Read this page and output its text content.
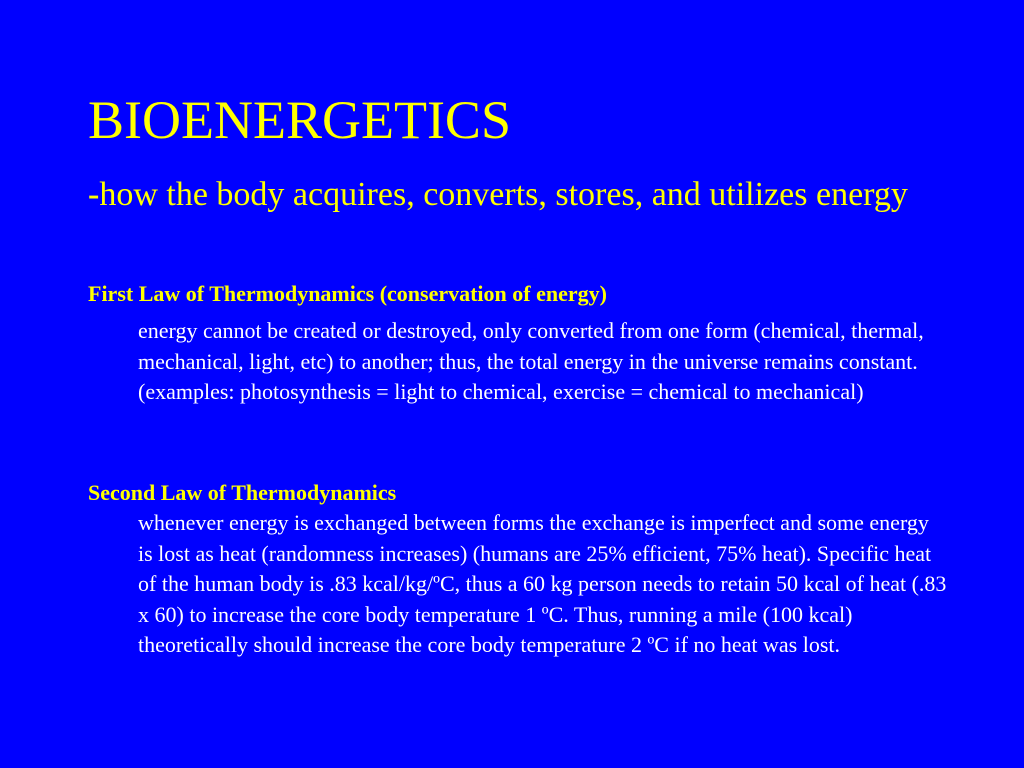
BIOENERGETICS

-how the body acquires, converts, stores, and utilizes energy

First Law of Thermodynamics (conservation of energy)

energy cannot be created or destroyed, only converted from one form (chemical, thermal, mechanical, light, etc) to another; thus, the total energy in the universe remains constant. (examples: photosynthesis = light to chemical, exercise = chemical to mechanical)

Second Law of Thermodynamics

whenever energy is exchanged between forms the exchange is imperfect and some energy is lost as heat (randomness increases) (humans are 25% efficient, 75% heat). Specific heat of the human body is .83 kcal/kg/ºC, thus a 60 kg person needs to retain 50 kcal of heat (.83 x 60) to increase the core body temperature 1 ºC. Thus, running a mile (100 kcal) theoretically should increase the core body temperature 2 ºC if no heat was lost.
